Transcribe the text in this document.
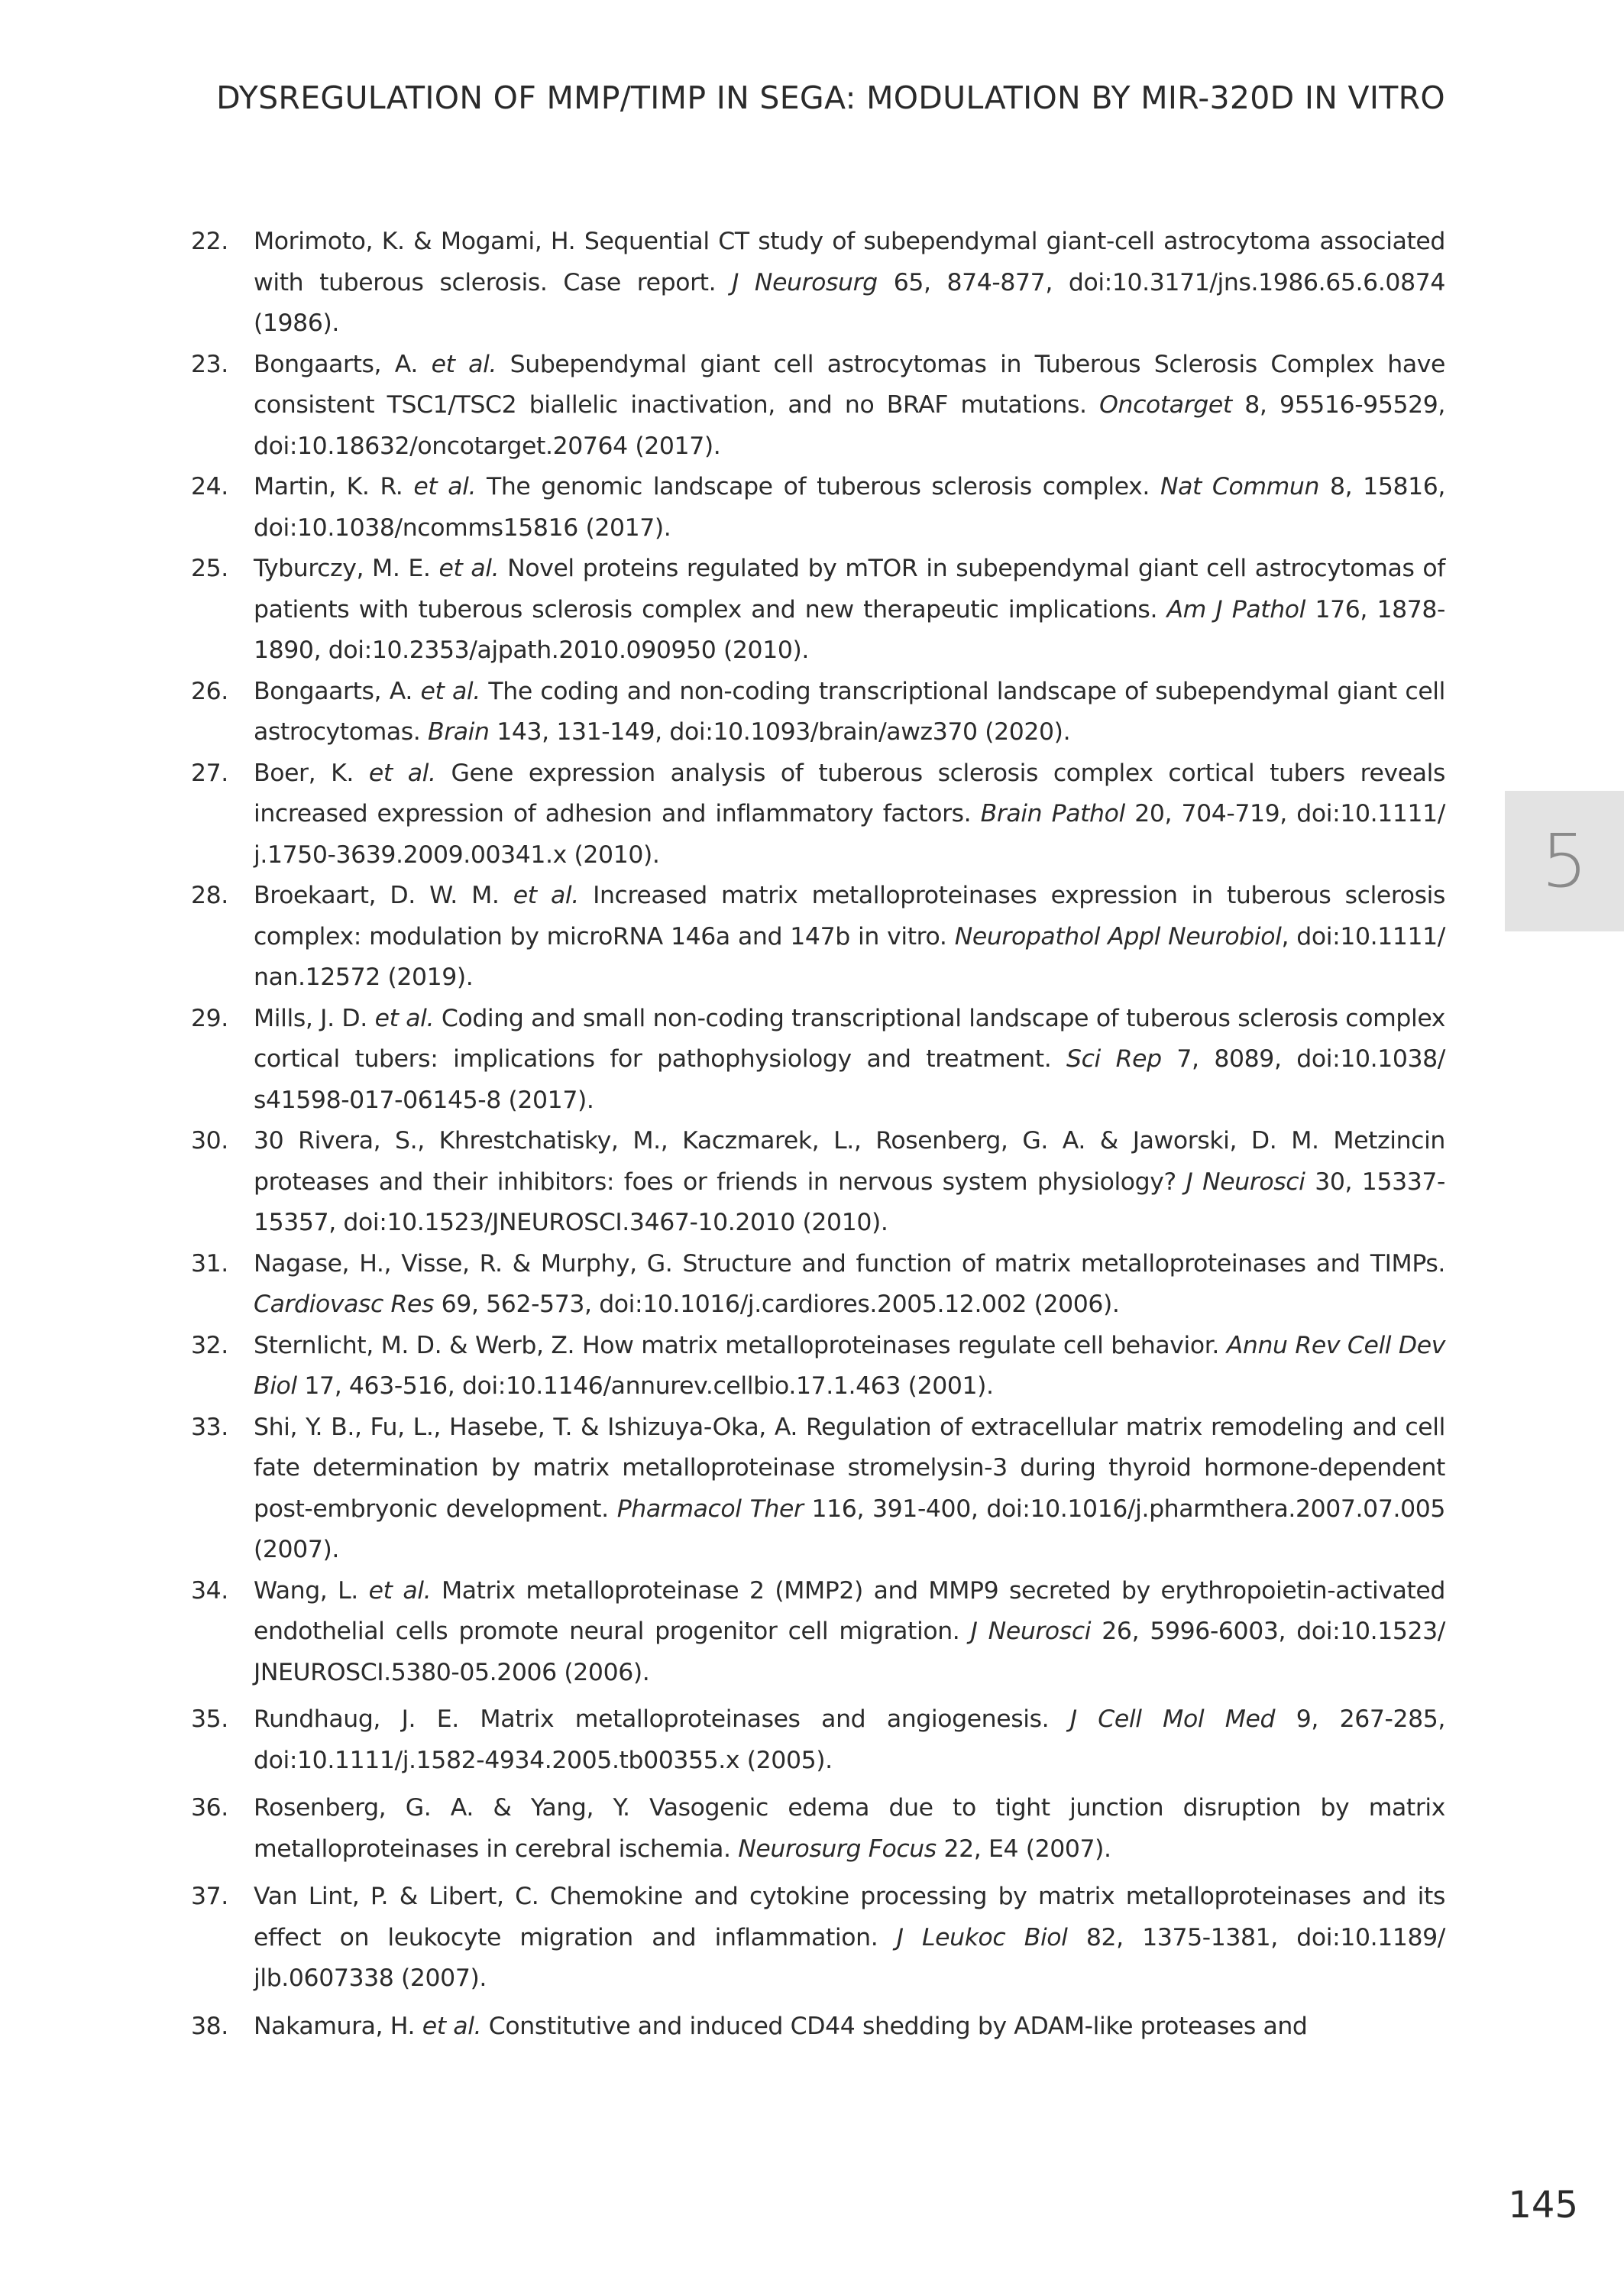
DYSREGULATION OF MMP/TIMP IN SEGA: MODULATION BY MIR-320D IN VITRO
22. Morimoto, K. & Mogami, H. Sequential CT study of subependymal giant-cell astrocytoma associated with tuberous sclerosis. Case report. J Neurosurg 65, 874-877, doi:10.3171/jns.1986.65.6.0874 (1986).
23. Bongaarts, A. et al. Subependymal giant cell astrocytomas in Tuberous Sclerosis Complex have consistent TSC1/TSC2 biallelic inactivation, and no BRAF mutations. Oncotarget 8, 95516-95529, doi:10.18632/oncotarget.20764 (2017).
24. Martin, K. R. et al. The genomic landscape of tuberous sclerosis complex. Nat Commun 8, 15816, doi:10.1038/ncomms15816 (2017).
25. Tyburczy, M. E. et al. Novel proteins regulated by mTOR in subependymal giant cell astrocytomas of patients with tuberous sclerosis complex and new therapeutic implications. Am J Pathol 176, 1878-1890, doi:10.2353/ajpath.2010.090950 (2010).
26. Bongaarts, A. et al. The coding and non-coding transcriptional landscape of subependymal giant cell astrocytomas. Brain 143, 131-149, doi:10.1093/brain/awz370 (2020).
27. Boer, K. et al. Gene expression analysis of tuberous sclerosis complex cortical tubers reveals increased expression of adhesion and inflammatory factors. Brain Pathol 20, 704-719, doi:10.1111/ j.1750-3639.2009.00341.x (2010).
28. Broekaart, D. W. M. et al. Increased matrix metalloproteinases expression in tuberous sclerosis complex: modulation by microRNA 146a and 147b in vitro. Neuropathol Appl Neurobiol, doi:10.1111/ nan.12572 (2019).
29. Mills, J. D. et al. Coding and small non-coding transcriptional landscape of tuberous sclerosis complex cortical tubers: implications for pathophysiology and treatment. Sci Rep 7, 8089, doi:10.1038/ s41598-017-06145-8 (2017).
30. 30 Rivera, S., Khrestchatisky, M., Kaczmarek, L., Rosenberg, G. A. & Jaworski, D. M. Metzincin proteases and their inhibitors: foes or friends in nervous system physiology? J Neurosci 30, 15337-15357, doi:10.1523/JNEUROSCI.3467-10.2010 (2010).
31. Nagase, H., Visse, R. & Murphy, G. Structure and function of matrix metalloproteinases and TIMPs. Cardiovasc Res 69, 562-573, doi:10.1016/j.cardiores.2005.12.002 (2006).
32. Sternlicht, M. D. & Werb, Z. How matrix metalloproteinases regulate cell behavior. Annu Rev Cell Dev Biol 17, 463-516, doi:10.1146/annurev.cellbio.17.1.463 (2001).
33. Shi, Y. B., Fu, L., Hasebe, T. & Ishizuya-Oka, A. Regulation of extracellular matrix remodeling and cell fate determination by matrix metalloproteinase stromelysin-3 during thyroid hormone-dependent post-embryonic development. Pharmacol Ther 116, 391-400, doi:10.1016/j.pharmthera.2007.07.005 (2007).
34. Wang, L. et al. Matrix metalloproteinase 2 (MMP2) and MMP9 secreted by erythropoietin-activated endothelial cells promote neural progenitor cell migration. J Neurosci 26, 5996-6003, doi:10.1523/ JNEUROSCI.5380-05.2006 (2006).
35. Rundhaug, J. E. Matrix metalloproteinases and angiogenesis. J Cell Mol Med 9, 267-285, doi:10.1111/j.1582-4934.2005.tb00355.x (2005).
36. Rosenberg, G. A. & Yang, Y. Vasogenic edema due to tight junction disruption by matrix metalloproteinases in cerebral ischemia. Neurosurg Focus 22, E4 (2007).
37. Van Lint, P. & Libert, C. Chemokine and cytokine processing by matrix metalloproteinases and its effect on leukocyte migration and inflammation. J Leukoc Biol 82, 1375-1381, doi:10.1189/ jlb.0607338 (2007).
38. Nakamura, H. et al. Constitutive and induced CD44 shedding by ADAM-like proteases and
5
145
